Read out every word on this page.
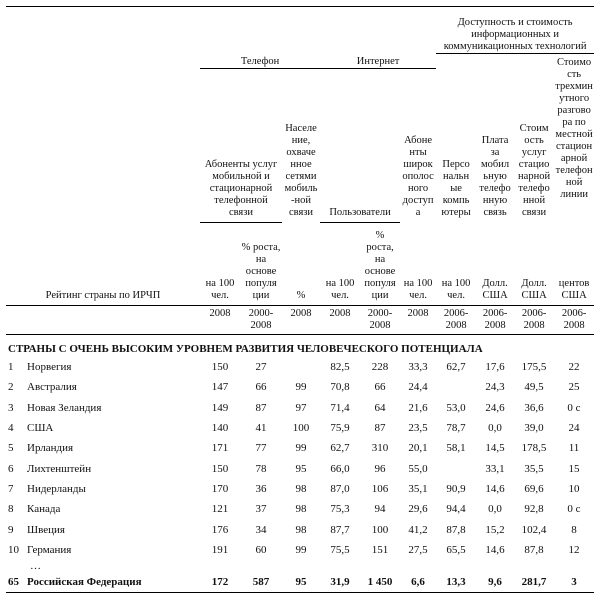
							Доступность и стоимость информационных и коммуникационных технологий			
	Телефон			Интернет						Стоимо сть трехмин утного разгово ра по местной стацион арной телефон ной линии
	Абоненты услуг мобильной и стационарной телефонной связи		Населе ние, охваче нное сетями мобиль -ной связи	Пользователи		Абоне нты широк ополос ного доступ а	Персо нальн ые компь ютеры	Плата за мобил ьную телефо нную связь	Стоим ость услуг стацио нарной телефо нной связи	
Рейтинг страны по ИРЧП	на 100 чел.	% роста, на основе популя ции	%	на 100 чел.	% роста, на основе популя ции	на 100 чел.	на 100 чел.	Долл. США	Долл. США	центов США
	2008	2000-2008	2008	2008	2000-2008	2008	2006-2008	2006-2008	2006-2008	2006-2008
СТРАНЫ С ОЧЕНЬ ВЫСОКИМ УРОВНЕМ РАЗВИТИЯ ЧЕЛОВЕЧЕСКОГО ПОТЕНЦИАЛА										
1	Норвегия	150	27		82,5	228	33,3	62,7	17,6	175,5	22
2	Австралия	147	66	99	70,8	66	24,4		24,3	49,5	25
3	Новая Зеландия	149	87	97	71,4	64	21,6	53,0	24,6	36,6	0 c
4	США	140	41	100	75,9	87	23,5	78,7	0,0	39,0	24
5	Ирландия	171	77	99	62,7	310	20,1	58,1	14,5	178,5	11
6	Лихтенштейн	150	78	95	66,0	96	55,0		33,1	35,5	15
7	Нидерланды	170	36	98	87,0	106	35,1	90,9	14,6	69,6	10
8	Канада	121	37	98	75,3	94	29,6	94,4	0,0	92,8	0 c
9	Швеция	176	34	98	87,7	100	41,2	87,8	15,2	102,4	8
10	Германия	191	60	99	75,5	151	27,5	65,5	14,6	87,8	12
	…										
65	Российская Федерация	172	587	95	31,9	1 450	6,6	13,3	9,6	281,7	3
